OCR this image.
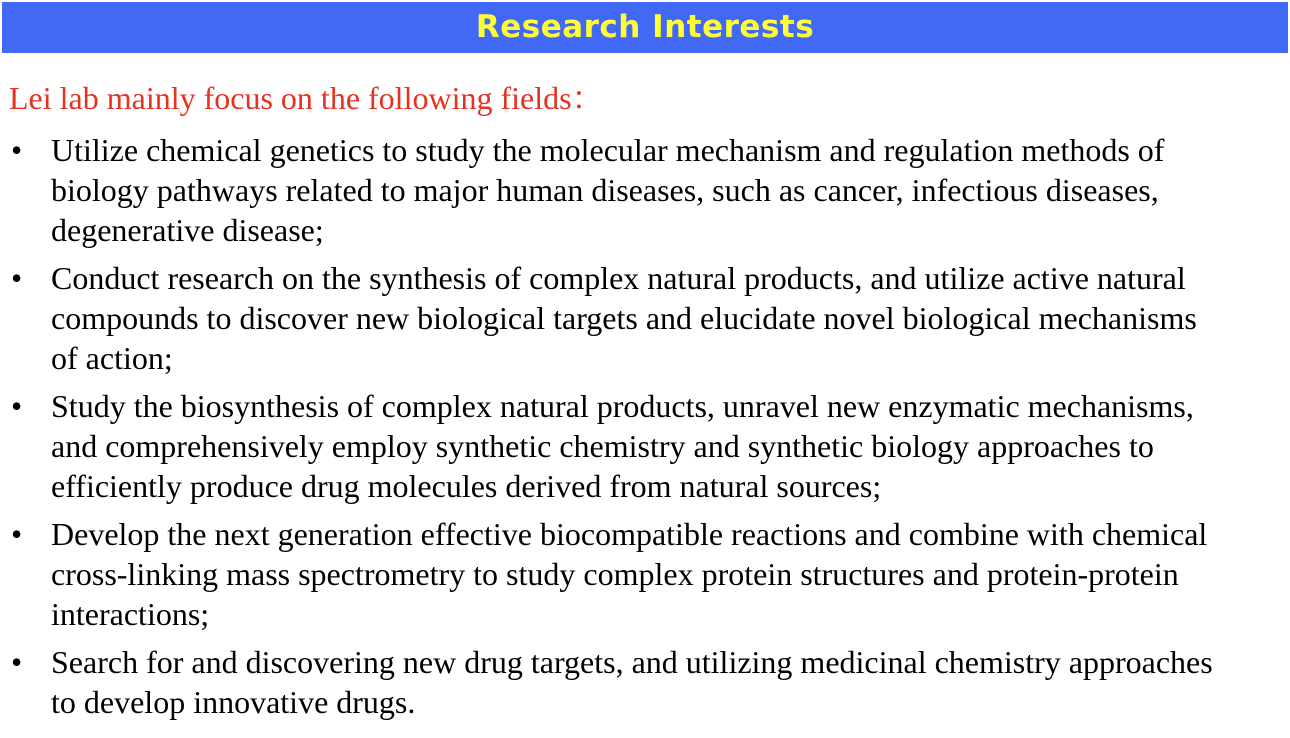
Research Interests
Lei lab mainly focus on the following fields：
• Utilize chemical genetics to study the molecular mechanism and regulation methods of
biology pathways related to major human diseases, such as cancer, infectious diseases,
degenerative disease;
• Conduct research on the synthesis of complex natural products, and utilize active natural
compounds to discover new biological targets and elucidate novel biological mechanisms
of action;
• Study the biosynthesis of complex natural products, unravel new enzymatic mechanisms,
and comprehensively employ synthetic chemistry and synthetic biology approaches to
efficiently produce drug molecules derived from natural sources;
• Develop the next generation effective biocompatible reactions and combine with chemical
cross-linking mass spectrometry to study complex protein structures and protein-protein
interactions;
• Search for and discovering new drug targets, and utilizing medicinal chemistry approaches
to develop innovative drugs.
